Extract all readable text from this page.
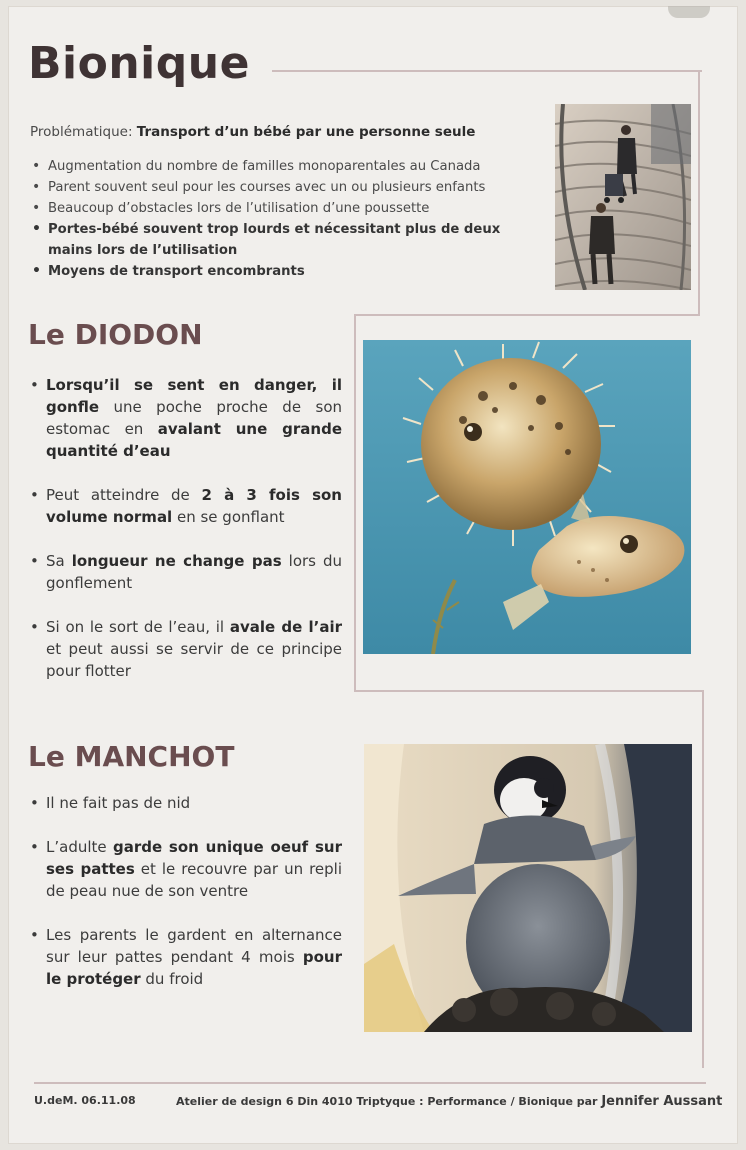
Bionique
Problématique: Transport d’un bébé par une personne seule
• Augmentation du nombre de familles monoparentales au Canada
• Parent souvent seul pour les courses avec un ou plusieurs enfants
• Beaucoup d’obstacles lors de l’utilisation d’une poussette
• Portes-bébé souvent trop lourds et nécessitant plus de deux mains lors de l’utilisation
• Moyens de transport encombrants
Le DIODON
• Lorsqu’il se sent en danger, il gonfle une poche proche de son estomac en avalant une grande quantité d’eau
• Peut atteindre de 2 à 3 fois son volume normal en se gonflant
• Sa longueur ne change pas lors du gonflement
• Si on le sort de l’eau, il avale de l’air et peut aussi se servir de ce principe pour flotter
Le MANCHOT
• Il ne fait pas de nid
• L’adulte garde son unique oeuf sur ses pattes et le recouvre par un repli de peau nue de son ventre
• Les parents le gardent en alternance sur leur pattes pendant 4 mois pour le protéger du froid
U.deM. 06.11.08	Atelier de design 6 Din 4010 Triptyque : Performance / Bionique par Jennifer Aussant
